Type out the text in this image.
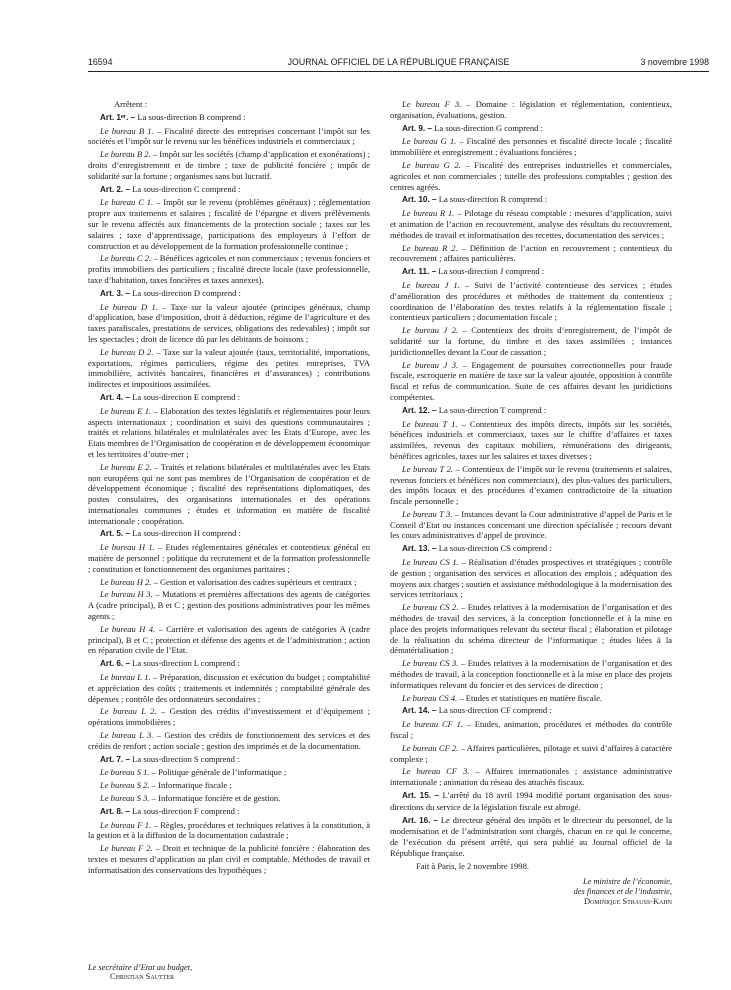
16594	JOURNAL OFFICIEL DE LA RÉPUBLIQUE FRANÇAISE	3 novembre 1998

Arrêtent :

Art. 1ᵉʳ. – La sous-direction B comprend :

Le bureau B 1. – Fiscalité directe des entreprises concernant l’impôt sur les sociétés et l’impôt sur le revenu sur les bénéfices industriels et commerciaux ;

Le bureau B 2. – Impôt sur les sociétés (champ d’application et exonérations) ; droits d’enregistrement et de timbre ; taxe de publicité foncière ; impôt de solidarité sur la fortune ; organismes sans but lucratif.

Art. 2. – La sous-direction C comprend :

Le bureau C 1. – Impôt sur le revenu (problèmes généraux) ; réglementation propre aux traitements et salaires ; fiscalité de l’épargne et divers prélèvements sur le revenu affectés aux financements de la protection sociale ; taxes sur les salaires ; taxe d’apprentissage, participations des employeurs à l’effort de construction et au développement de la formation professionnelle continue ;

Le bureau C 2. – Bénéfices agricoles et non commerciaux ; revenus fonciers et profits immobiliers des particuliers ; fiscalité directe locale (taxe professionnelle, taxe d’habitation, taxes foncières et taxes annexes).

Art. 3. – La sous-direction D comprend :

Le bureau D 1. – Taxe sur la valeur ajoutée (principes généraux, champ d’application, base d’imposition, droit à déduction, régime de l’agriculture et des taxes parafiscales, prestations de services, obligations des redevables) ; impôt sur les spectacles ; droit de licence dû par les débitants de boissons ;

Le bureau D 2. – Taxe sur la valeur ajoutée (taux, territorialité, importations, exportations, régimes particuliers, régime des petites entreprises, TVA immobilière, activités bancaires, financières et d’assurances) ; contributions indirectes et impositions assimilées.

Art. 4. – La sous-direction E comprend :

Le bureau E 1. – Elaboration des textes législatifs et réglementaires pour leurs aspects internationaux ; coordination et suivi des questions communautaires ; traités et relations bilatérales et multilatérales avec les Etats d’Europe, avec les Etats membres de l’Organisation de coopération et de développement économique et les territoires d’outre-mer ;

Le bureau E 2. – Traités et relations bilatérales et multilatérales avec les Etats non européens qui ne sont pas membres de l’Organisation de coopération et de développement économique ; fiscalité des représentations diplomatiques, des postes consulaires, des organisations internationales et des opérations internationales communes ; études et information en matière de fiscalité internationale ; coopération.

Art. 5. – La sous-direction H comprend :

Le bureau H 1. – Etudes réglementaires générales et contentieux général en matière de personnel : politique du recrutement et de la formation professionnelle ; constitution et fonctionnement des organismes paritaires ;

Le bureau H 2. – Gestion et valorisation des cadres supérieurs et centraux ;

Le bureau H 3. – Mutations et premières affectations des agents de catégories A (cadre principal), B et C ; gestion des positions administratives pour les mêmes agents ;

Le bureau H 4. – Carrière et valorisation des agents de catégories A (cadre principal), B et C ; protection et défense des agents et de l’administration ; action en réparation civile de l’Etat.

Art. 6. – La sous-direction L comprend :

Le bureau L 1. – Préparation, discussion et exécution du budget ; comptabilité et appréciation des coûts ; traitements et indemnités ; comptabilité générale des dépenses ; contrôle des ordonnateurs secondaires ;

Le bureau L 2. – Gestion des crédits d’investissement et d’équipement ; opérations immobilières ;

Le bureau L 3. – Gestion des crédits de fonctionnement des services et des crédits de renfort ; action sociale ; gestion des imprimés et de la documentation.

Art. 7. – La sous-direction S comprend :

Le bureau S 1. – Politique générale de l’informatique ;

Le bureau S 2. – Informatique fiscale ;

Le bureau S 3. – Informatique foncière et de gestion.

Art. 8. – La sous-direction F comprend :

Le bureau F 1. – Règles, procédures et techniques relatives à la constitution, à la gestion et à la diffusion de la documentation cadastrale ;

Le bureau F 2. – Droit et technique de la publicité foncière : élaboration des textes et mesures d’application au plan civil et comptable. Méthodes de travail et informatisation des conservations des hypothèques ;

Le bureau F 3. – Domaine : législation et réglementation, contentieux, organisation, évaluations, gestion.

Art. 9. – La sous-direction G comprend :

Le bureau G 1. – Fiscalité des personnes et fiscalité directe locale ; fiscalité immobilière et enregistrement ; évaluations foncières ;

Le bureau G 2. – Fiscalité des entreprises industrielles et commerciales, agricoles et non commerciales ; tutelle des professions comptables ; gestion des centres agréés.

Art. 10. – La sous-direction R comprend :

Le bureau R 1. – Pilotage du réseau comptable : mesures d’application, suivi et animation de l’action en recouvrement, analyse des résultats du recouvrement, méthodes de travail et informatisation des recettes, documentation des services ;

Le bureau R 2. – Définition de l’action en recouvrement ; contentieux du recouvrement ; affaires particulières.

Art. 11. – La sous-direction J comprend :

Le bureau J 1. – Suivi de l’activité contentieuse des services ; études d’amélioration des procédures et méthodes de traitement du contentieux ; coordination de l’élaboration des textes relatifs à la réglementation fiscale ; contentieux particuliers ; documentation fiscale ;

Le bureau J 2. – Contentieux des droits d’enregistrement, de l’impôt de solidarité sur la fortune, du timbre et des taxes assimilées ; instances juridictionnelles devant la Cour de cassation ;

Le bureau J 3. – Engagement de poursuites correctionnelles pour fraude fiscale, escroquerie en matière de taxe sur la valeur ajoutée, opposition à contrôle fiscal et refus de communication. Suite de ces affaires devant les juridictions compétentes.

Art. 12. – La sous-direction T comprend :

Le bureau T 1. – Contentieux des impôts directs, impôts sur les sociétés, bénéfices industriels et commerciaux, taxes sur le chiffre d’affaires et taxes assimilées, revenus des capitaux mobiliers, rémunérations des dirigeants, bénéfices agricoles, taxes sur les salaires et taxes diverses ;

Le bureau T 2. – Contentieux de l’impôt sur le revenu (traitements et salaires, revenus fonciers et bénéfices non commerciaux), des plus-values des particuliers, des impôts locaux et des procédures d’examen contradictoire de la situation fiscale personnelle ;

Le bureau T 3. – Instances devant la Cour administrative d’appel de Paris et le Conseil d’Etat ou instances concernant une direction spécialisée ; recours devant les cours administratives d’appel de province.

Art. 13. – La sous-direction CS comprend :

Le bureau CS 1. – Réalisation d’études prospectives et stratégiques ; contrôle de gestion ; organisation des services et allocation des emplois ; adéquation des moyens aux charges ; soutien et assistance méthodologique à la modernisation des services territoriaux ;

Le bureau CS 2. – Etudes relatives à la modernisation de l’organisation et des méthodes de travail des services, à la conception fonctionnelle et à la mise en place des projets informatiques relevant du secteur fiscal ; élaboration et pilotage de la réalisation du schéma directeur de l’informatique ; études liées à la dématérialisation ;

Le bureau CS 3. – Etudes relatives à la modernisation de l’organisation et des méthodes de travail, à la conception fonctionnelle et à la mise en place des projets informatiques relevant du foncier et des services de direction ;

Le bureau CS 4. – Etudes et statistiques en matière fiscale.

Art. 14. – La sous-direction CF comprend :

Le bureau CF 1. – Etudes, animation, procédures et méthodes du contrôle fiscal ;

Le bureau CF 2. – Affaires particulières, pilotage et suivi d’affaires à caractère complexe ;

Le bureau CF 3. – Affaires internationales ; assistance administrative internationale ; animation du réseau des attachés fiscaux.

Art. 15. – L’arrêté du 18 avril 1994 modifié portant organisation des sous-directions du service de la législation fiscale est abrogé.

Art. 16. – Le directeur général des impôts et le directeur du personnel, de la modernisation et de l’administration sont chargés, chacun en ce qui le concerne, de l’exécution du présent arrêté, qui sera publié au Journal officiel de la République française.

Fait à Paris, le 2 novembre 1998.

Le ministre de l’économie,
des finances et de l’industrie,
Dominique Strauss-Kahn
Le secrétaire d’Etat au budget,
Christian Sautter
